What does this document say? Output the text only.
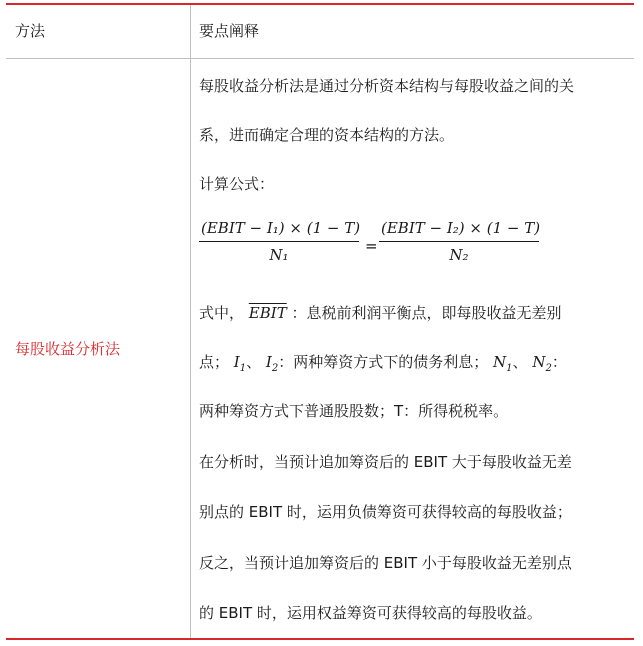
方法	要点阐释
每股收益分析法
每股收益分析法是通过分析资本结构与每股收益之间的关
系，进而确定合理的资本结构的方法。
计算公式：
(EBIT − I₁) × (1 − T)
N₁	=
(EBIT − I₂) × (1 − T)
N₂
式中， EBIT ：息税前利润平衡点，即每股收益无差别
点； $I_1$、 $I_2$：两种筹资方式下的债务利息； $N_1$、 $N_2$：
两种筹资方式下普通股股数；T：所得税税率。
在分析时，当预计追加筹资后的 EBIT 大于每股收益无差
别点的 EBIT 时，运用负债筹资可获得较高的每股收益；
反之，当预计追加筹资后的 EBIT 小于每股收益无差别点
的 EBIT 时，运用权益筹资可获得较高的每股收益。
